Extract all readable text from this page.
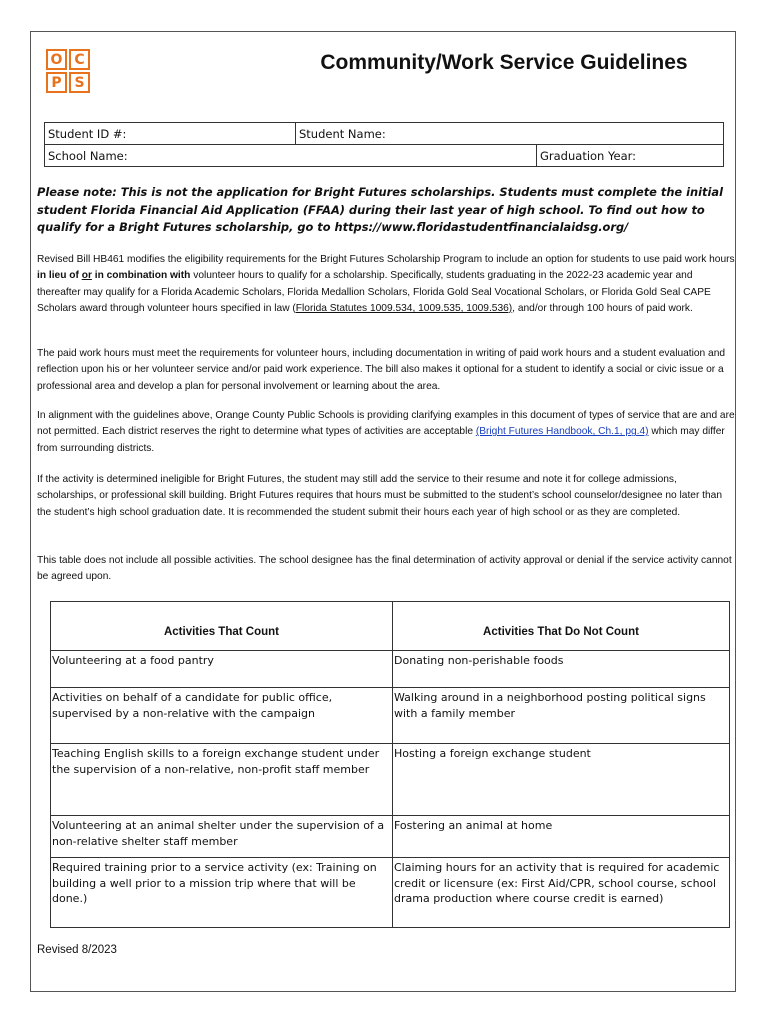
O C
P S
Community/Work Service Guidelines
Student ID #:	Student Name:	
School Name:		Graduation Year:
Please note: This is not the application for Bright Futures scholarships. Students must complete the initial student Florida Financial Aid Application (FFAA) during their last year of high school. To find out how to qualify for a Bright Futures scholarship, go to https://www.floridastudentfinancialaidsg.org/
Revised Bill HB461 modifies the eligibility requirements for the Bright Futures Scholarship Program to include an option for students to use paid work hours in lieu of or in combination with volunteer hours to qualify for a scholarship. Specifically, students graduating in the 2022-23 academic year and thereafter may qualify for a Florida Academic Scholars, Florida Medallion Scholars, Florida Gold Seal Vocational Scholars, or Florida Gold Seal CAPE Scholars award through volunteer hours specified in law (Florida Statutes 1009.534, 1009.535, 1009.536), and/or through 100 hours of paid work.
The paid work hours must meet the requirements for volunteer hours, including documentation in writing of paid work hours and a student evaluation and reflection upon his or her volunteer service and/or paid work experience. The bill also makes it optional for a student to identify a social or civic issue or a professional area and develop a plan for personal involvement or learning about the area.
In alignment with the guidelines above, Orange County Public Schools is providing clarifying examples in this document of types of service that are and are not permitted. Each district reserves the right to determine what types of activities are acceptable (Bright Futures Handbook, Ch.1, pg.4) which may differ from surrounding districts.
If the activity is determined ineligible for Bright Futures, the student may still add the service to their resume and note it for college admissions, scholarships, or professional skill building. Bright Futures requires that hours must be submitted to the student’s school counselor/designee no later than the student’s high school graduation date. It is recommended the student submit their hours each year of high school or as they are completed.
This table does not include all possible activities. The school designee has the final determination of activity approval or denial if the service activity cannot be agreed upon.
Activities That Count	Activities That Do Not Count
Volunteering at a food pantry	Donating non-perishable foods
Activities on behalf of a candidate for public office, supervised by a non-relative with the campaign	Walking around in a neighborhood posting political signs with a family member
Teaching English skills to a foreign exchange student under the supervision of a non-relative, non-profit staff member	Hosting a foreign exchange student
Volunteering at an animal shelter under the supervision of a non-relative shelter staff member	Fostering an animal at home
Required training prior to a service activity (ex: Training on building a well prior to a mission trip where that will be done.)	Claiming hours for an activity that is required for academic credit or licensure (ex: First Aid/CPR, school course, school drama production where course credit is earned)
Revised 8/2023
